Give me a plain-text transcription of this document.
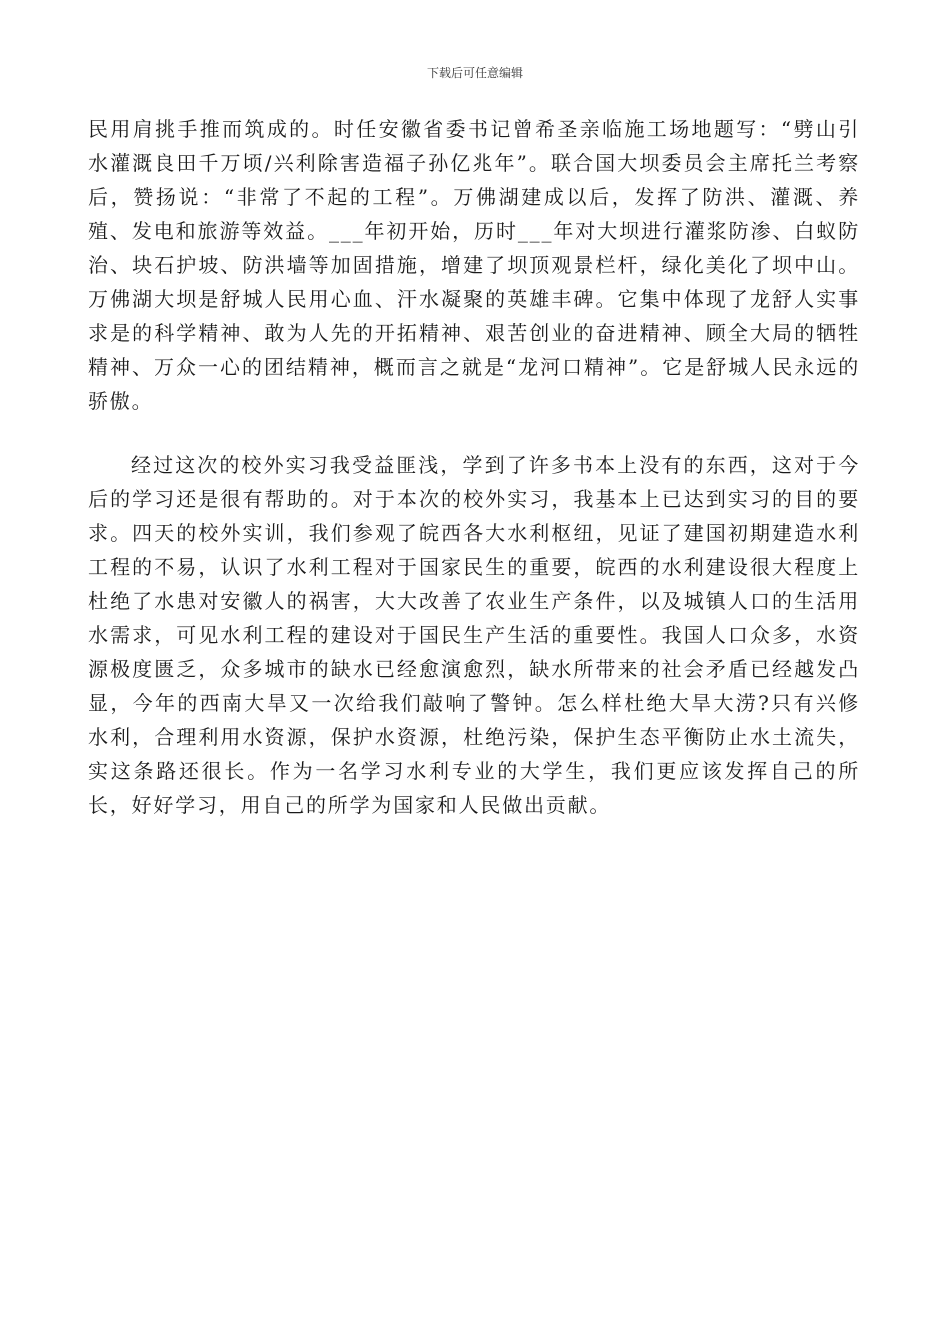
下载后可任意编辑

民用肩挑手推而筑成的。时任安徽省委书记曾希圣亲临施工场地题写：“劈山引水灌溉良田千万顷/兴利除害造福子孙亿兆年”。联合国大坝委员会主席托兰考察后，赞扬说：“非常了不起的工程”。万佛湖建成以后，发挥了防洪、灌溉、养殖、发电和旅游等效益。___年初开始，历时___年对大坝进行灌浆防渗、白蚁防治、块石护坡、防洪墙等加固措施，增建了坝顶观景栏杆，绿化美化了坝中山。万佛湖大坝是舒城人民用心血、汗水凝聚的英雄丰碑。它集中体现了龙舒人实事求是的科学精神、敢为人先的开拓精神、艰苦创业的奋进精神、顾全大局的牺牲精神、万众一心的团结精神，概而言之就是“龙河口精神”。它是舒城人民永远的骄傲。

经过这次的校外实习我受益匪浅，学到了许多书本上没有的东西，这对于今后的学习还是很有帮助的。对于本次的校外实习，我基本上已达到实习的目的要求。四天的校外实训，我们参观了皖西各大水利枢纽，见证了建国初期建造水利工程的不易，认识了水利工程对于国家民生的重要，皖西的水利建设很大程度上杜绝了水患对安徽人的祸害，大大改善了农业生产条件，以及城镇人口的生活用水需求，可见水利工程的建设对于国民生产生活的重要性。我国人口众多，水资源极度匮乏，众多城市的缺水已经愈演愈烈，缺水所带来的社会矛盾已经越发凸显，今年的西南大旱又一次给我们敲响了警钟。怎么样杜绝大旱大涝?只有兴修水利，合理利用水资源，保护水资源，杜绝污染，保护生态平衡防止水土流失，实这条路还很长。作为一名学习水利专业的大学生，我们更应该发挥自己的所长，好好学习，用自己的所学为国家和人民做出贡献。
